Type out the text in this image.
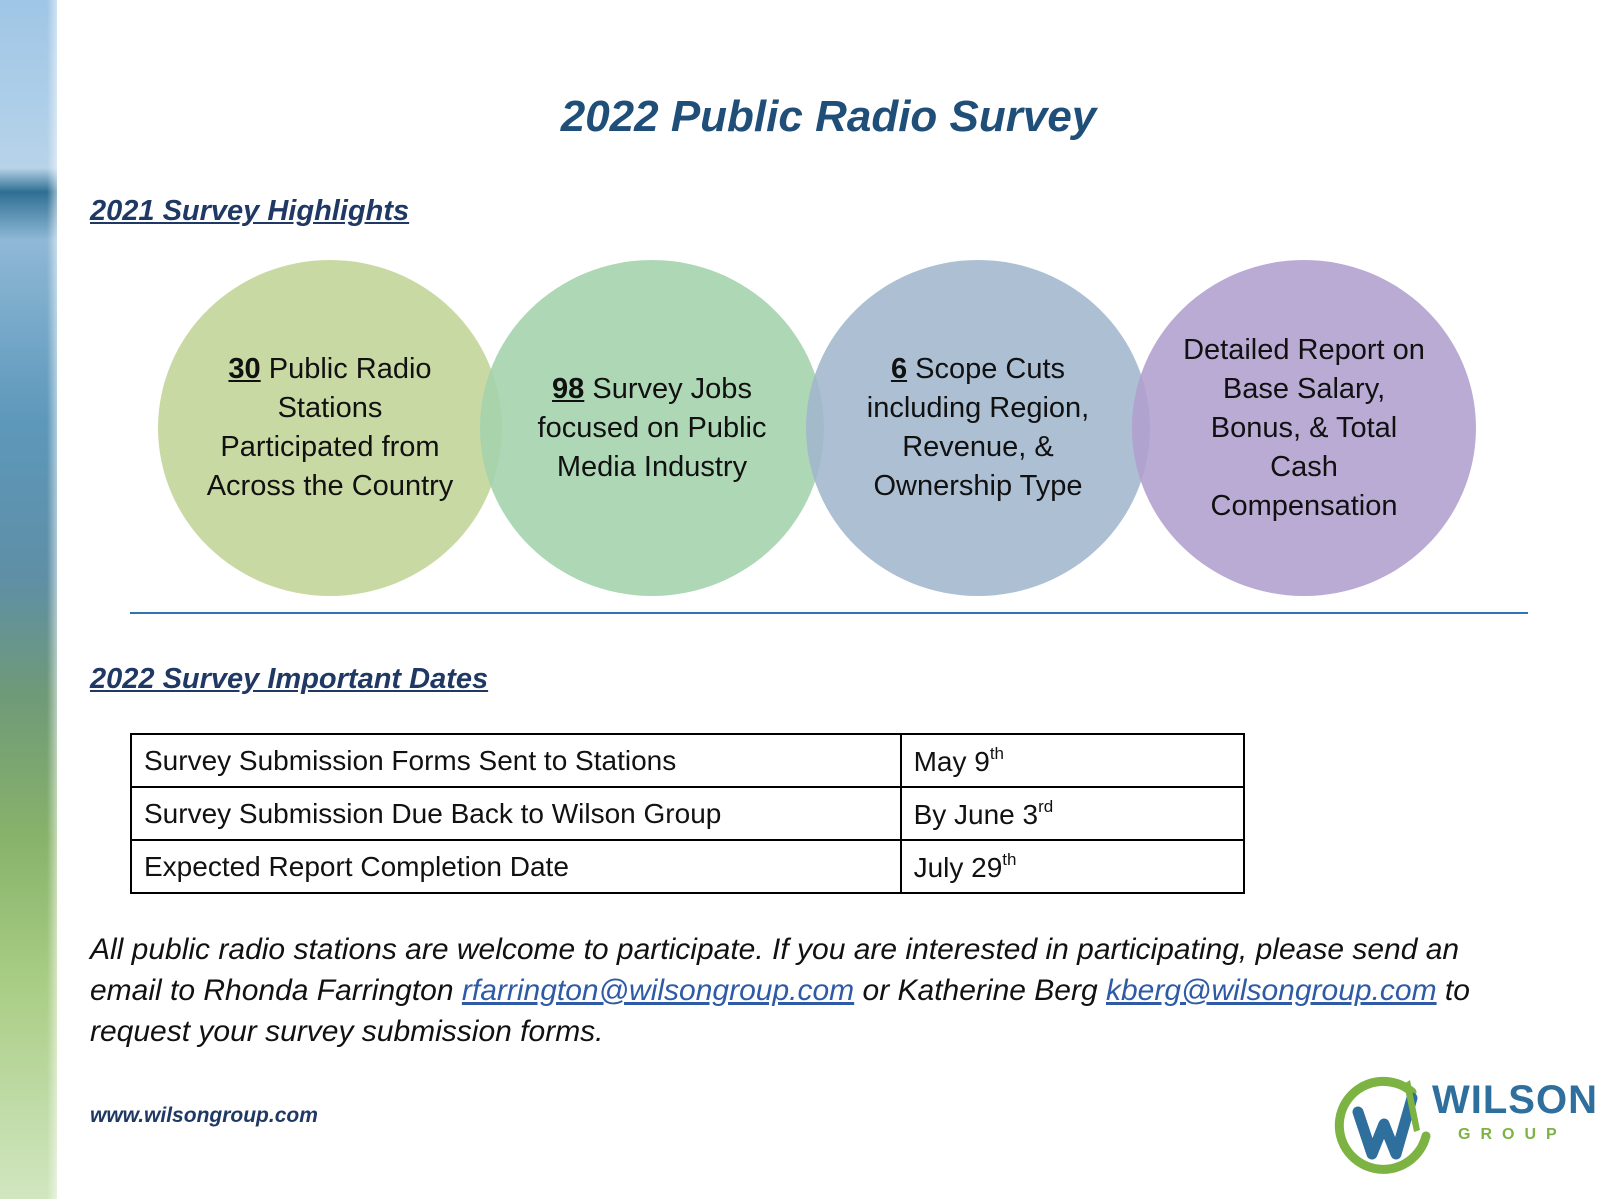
2022 Public Radio Survey
2021 Survey Highlights
30 Public Radio Stations Participated from Across the Country
98 Survey Jobs focused on Public Media Industry
6 Scope Cuts including Region, Revenue, & Ownership Type
Detailed Report on Base Salary, Bonus, & Total Cash Compensation
2022 Survey Important Dates
Survey Submission Forms Sent to Stations	May 9th
Survey Submission Due Back to Wilson Group	By June 3rd
Expected Report Completion Date	July 29th

All public radio stations are welcome to participate. If you are interested in participating, please send an email to Rhonda Farrington rfarrington@wilsongroup.com or Katherine Berg kberg@wilsongroup.com to request your survey submission forms.

www.wilsongroup.com	WILSON

GROUP
